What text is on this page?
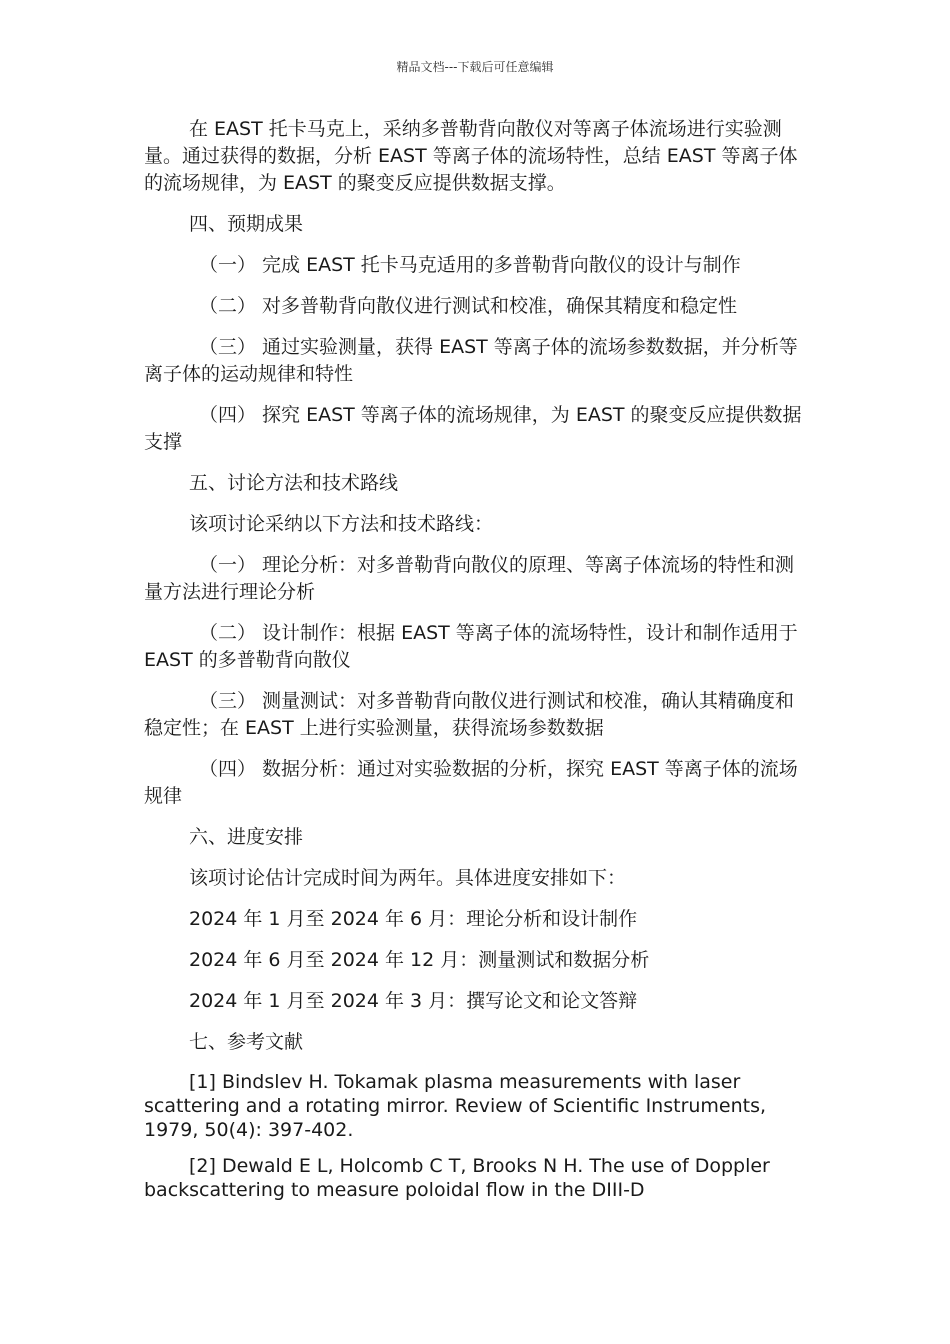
精品文档---下载后可任意编辑

在 EAST 托卡马克上，采纳多普勒背向散仪对等离子体流场进行实验测量。通过获得的数据，分析 EAST 等离子体的流场特性，总结 EAST 等离子体的流场规律，为 EAST 的聚变反应提供数据支撑。

四、预期成果

（一） 完成 EAST 托卡马克适用的多普勒背向散仪的设计与制作

（二） 对多普勒背向散仪进行测试和校准，确保其精度和稳定性

（三） 通过实验测量，获得 EAST 等离子体的流场参数数据，并分析等离子体的运动规律和特性

（四） 探究 EAST 等离子体的流场规律，为 EAST 的聚变反应提供数据支撑

五、讨论方法和技术路线

该项讨论采纳以下方法和技术路线：

（一） 理论分析：对多普勒背向散仪的原理、等离子体流场的特性和测量方法进行理论分析

（二） 设计制作：根据 EAST 等离子体的流场特性，设计和制作适用于 EAST 的多普勒背向散仪

（三） 测量测试：对多普勒背向散仪进行测试和校准，确认其精确度和稳定性；在 EAST 上进行实验测量，获得流场参数数据

（四） 数据分析：通过对实验数据的分析，探究 EAST 等离子体的流场规律

六、进度安排

该项讨论估计完成时间为两年。具体进度安排如下：

2024 年 1 月至 2024 年 6 月：理论分析和设计制作

2024 年 6 月至 2024 年 12 月：测量测试和数据分析

2024 年 1 月至 2024 年 3 月：撰写论文和论文答辩

七、参考文献

[1] Bindslev H. Tokamak plasma measurements with laser scattering and a rotating mirror. Review of Scientific Instruments, 1979, 50(4): 397-402.

[2] Dewald E L, Holcomb C T, Brooks N H. The use of Doppler backscattering to measure poloidal flow in the DIII-D
